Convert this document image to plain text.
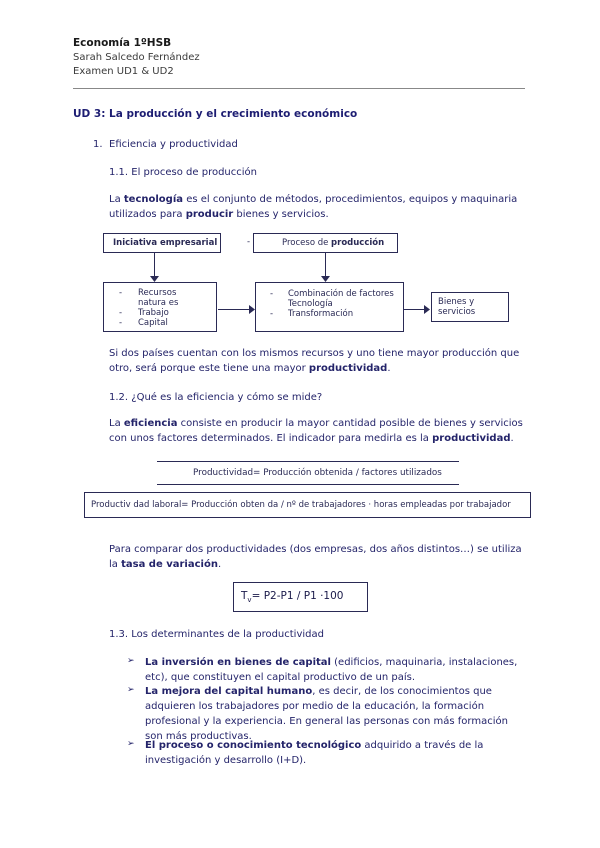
Economía 1ºHSB
Sarah Salcedo Fernández
Examen UD1 & UD2
UD 3: La producción y el crecimiento económico
1. Eficiencia y productividad
1.1. El proceso de producción
La tecnología es el conjunto de métodos, procedimientos, equipos y maquinaria
utilizados para producir bienes y servicios.
Iniciativa empresarial	-	Proceso de producción
- Recursos
natura es
- Trabajo
- Capital
- Combinación de factores
Tecnología
- Transformación
Bienes y
servicios
Si dos países cuentan con los mismos recursos y uno tiene mayor producción que
otro, será porque este tiene una mayor productividad.
1.2. ¿Qué es la eficiencia y cómo se mide?
La eficiencia consiste en producir la mayor cantidad posible de bienes y servicios
con unos factores determinados. El indicador para medirla es la productividad.
Productividad= Producción obtenida / factores utilizados
Productiv dad laboral= Producción obten da / nº de trabajadores · horas empleadas por trabajador
Para comparar dos productividades (dos empresas, dos años distintos…) se utiliza
la tasa de variación.
$T_v= P2-P1 / P1 \cdot 100$
1.3. Los determinantes de la productividad
➢ La inversión en bienes de capital (edificios, maquinaria, instalaciones,
etc), que constituyen el capital productivo de un país.
➢ La mejora del capital humano, es decir, de los conocimientos que
adquieren los trabajadores por medio de la educación, la formación
profesional y la experiencia. En general las personas con más formación
son más productivas.
➢ El proceso o conocimiento tecnológico adquirido a través de la
investigación y desarrollo (I+D).
